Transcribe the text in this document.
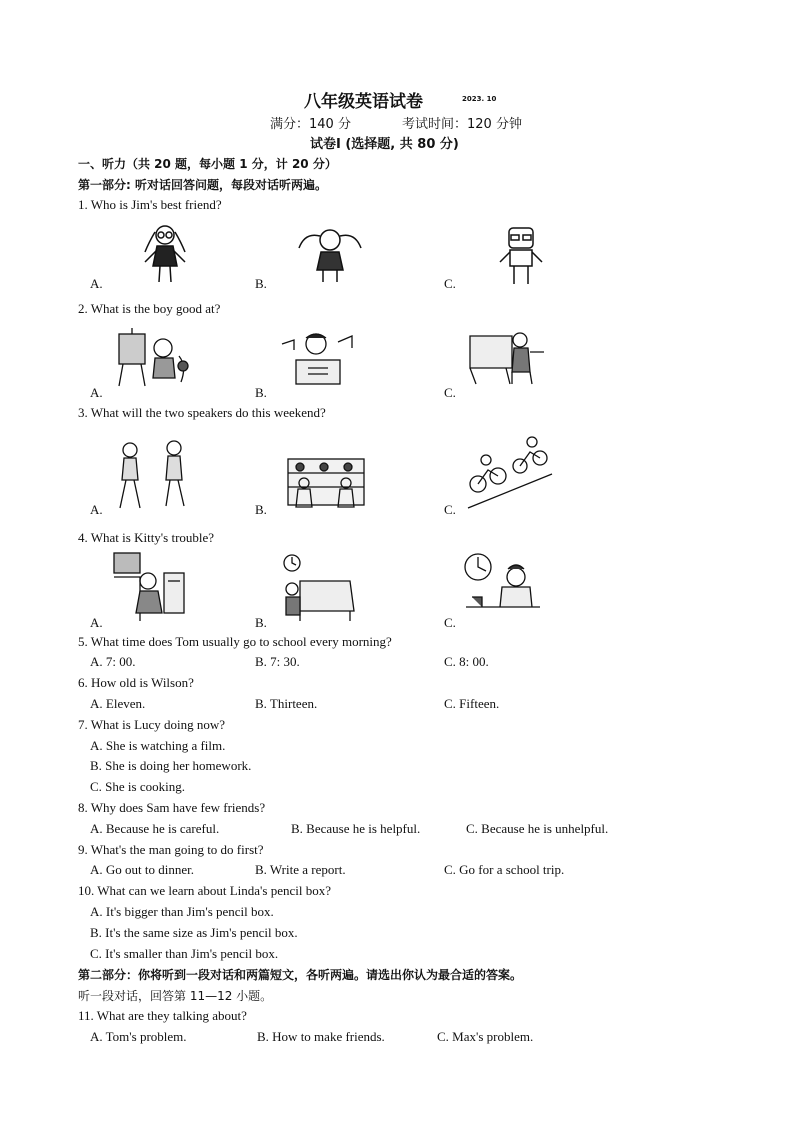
八年级英语试卷	2023. 10
满分：140 分	考试时间：120 分钟
试卷Ⅰ (选择题, 共 80 分)
一、听力（共 20 题，每小题 1 分，计 20 分）
第一部分: 听对话回答问题，每段对话听两遍。
1. Who is Jim's best friend?
A.	B.	C.
2. What is the boy good at?
A.	B.	C.
3. What will the two speakers do this weekend?
A.	B.	C.
4. What is Kitty's trouble?
A.	B.	C.
5. What time does Tom usually go to school every morning?
A. 7: 00.	B. 7: 30.	C. 8: 00.
6. How old is Wilson?
A. Eleven.	B. Thirteen.	C. Fifteen.
7. What is Lucy doing now?
A. She is watching a film.
B. She is doing her homework.
C. She is cooking.
8. Why does Sam have few friends?
A. Because he is careful.	B. Because he is helpful.	C. Because he is unhelpful.
9. What's the man going to do first?
A. Go out to dinner.	B. Write a report.	C. Go for a school trip.
10. What can we learn about Linda's pencil box?
A. It's bigger than Jim's pencil box.
B. It's the same size as Jim's pencil box.
C. It's smaller than Jim's pencil box.
第二部分：你将听到一段对话和两篇短文，各听两遍。请选出你认为最合适的答案。
听一段对话，回答第 11—12 小题。
11. What are they talking about?
A. Tom's problem.	B. How to make friends.	C. Max's problem.
